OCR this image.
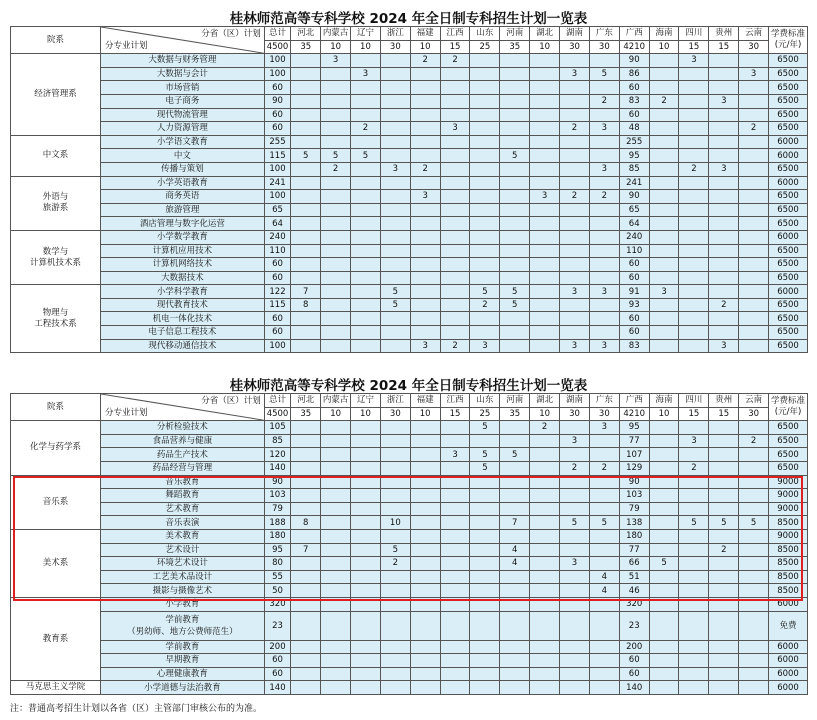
桂林师范高等专科学校 2024 年全日制专科招生计划一览表
院系	分省（区）计划
分专业计划	总计	河北	内蒙古	辽宁	浙江	福建	江西	山东	河南	湖北	湖南	广东	广西	海南	四川	贵州	云南	学费标准 (元/年)
		4500	35	10	10	30	10	15	25	35	10	30	30	4210	10	15	15	30	
经济管理系	大数据与财务管理	100		3			2	2						90		3			6500
	大数据与会计	100			3							3	5	86				3	6500
	市场营销	60												60					6500
	电子商务	90											2	83	2		3		6500
	现代物流管理	60												60					6500
	人力资源管理	60			2			3				2	3	48				2	6500
中文系	小学语文教育	255												255					6000
	中文	115	5	5	5					5				95					6000
	传播与策划	100		2		3	2						3	85		2	3		6500
外语与
旅游系	小学英语教育	241												241					6000
	商务英语	100					3				3	2	2	90					6500
	旅游管理	65												65					6500
	酒店管理与数字化运营	64												64					6500
数学与
计算机技术系	小学数学教育	240												240					6000
	计算机应用技术	110												110					6500
	计算机网络技术	60												60					6500
	大数据技术	60												60					6500
物理与
工程技术系	小学科学教育	122	7			5			5	5		3	3	91	3				6000
	现代教育技术	115	8			5			2	5				93			2		6500
	机电一体化技术	60												60					6500
	电子信息工程技术	60												60					6500
	现代移动通信技术	100					3	2	3			3	3	83			3		6500
桂林师范高等专科学校 2024 年全日制专科招生计划一览表
院系	分省（区）计划
分专业计划	总计	河北	内蒙古	辽宁	浙江	福建	江西	山东	河南	湖北	湖南	广东	广西	海南	四川	贵州	云南	学费标准 (元/年)
		4500	35	10	10	30	10	15	25	35	10	30	30	4210	10	15	15	30	
化学与药学系	分析检验技术	105							5		2		3	95					6500
	食品营养与健康	85										3		77		3		2	6500
	药品生产技术	120						3	5	5				107					6500
	药品经营与管理	140							5			2	2	129		2			6500
音乐系	音乐教育	90												90					9000
	舞蹈教育	103												103					9000
	艺术教育	79												79					9000
	音乐表演	188	8			10				7		5	5	138		5	5	5	8500
美术系	美术教育	180												180					9000
	艺术设计	95	7			5				4				77			2		8500
	环境艺术设计	80				2				4		3		66	5				8500
	工艺美术品设计	55											4	51					8500
	摄影与摄像艺术	50											4	46					8500
教育系	小学教育	320												320					6000
	学前教育
（男幼师、地方公费师范生）	23												23					免费
	学前教育	200												200					6000
	早期教育	60												60					6000
	心理健康教育	60												60					6000
马克思主义学院	小学道德与法治教育	140												140					6000
注：普通高考招生计划以各省（区）主管部门审核公布的为准。
